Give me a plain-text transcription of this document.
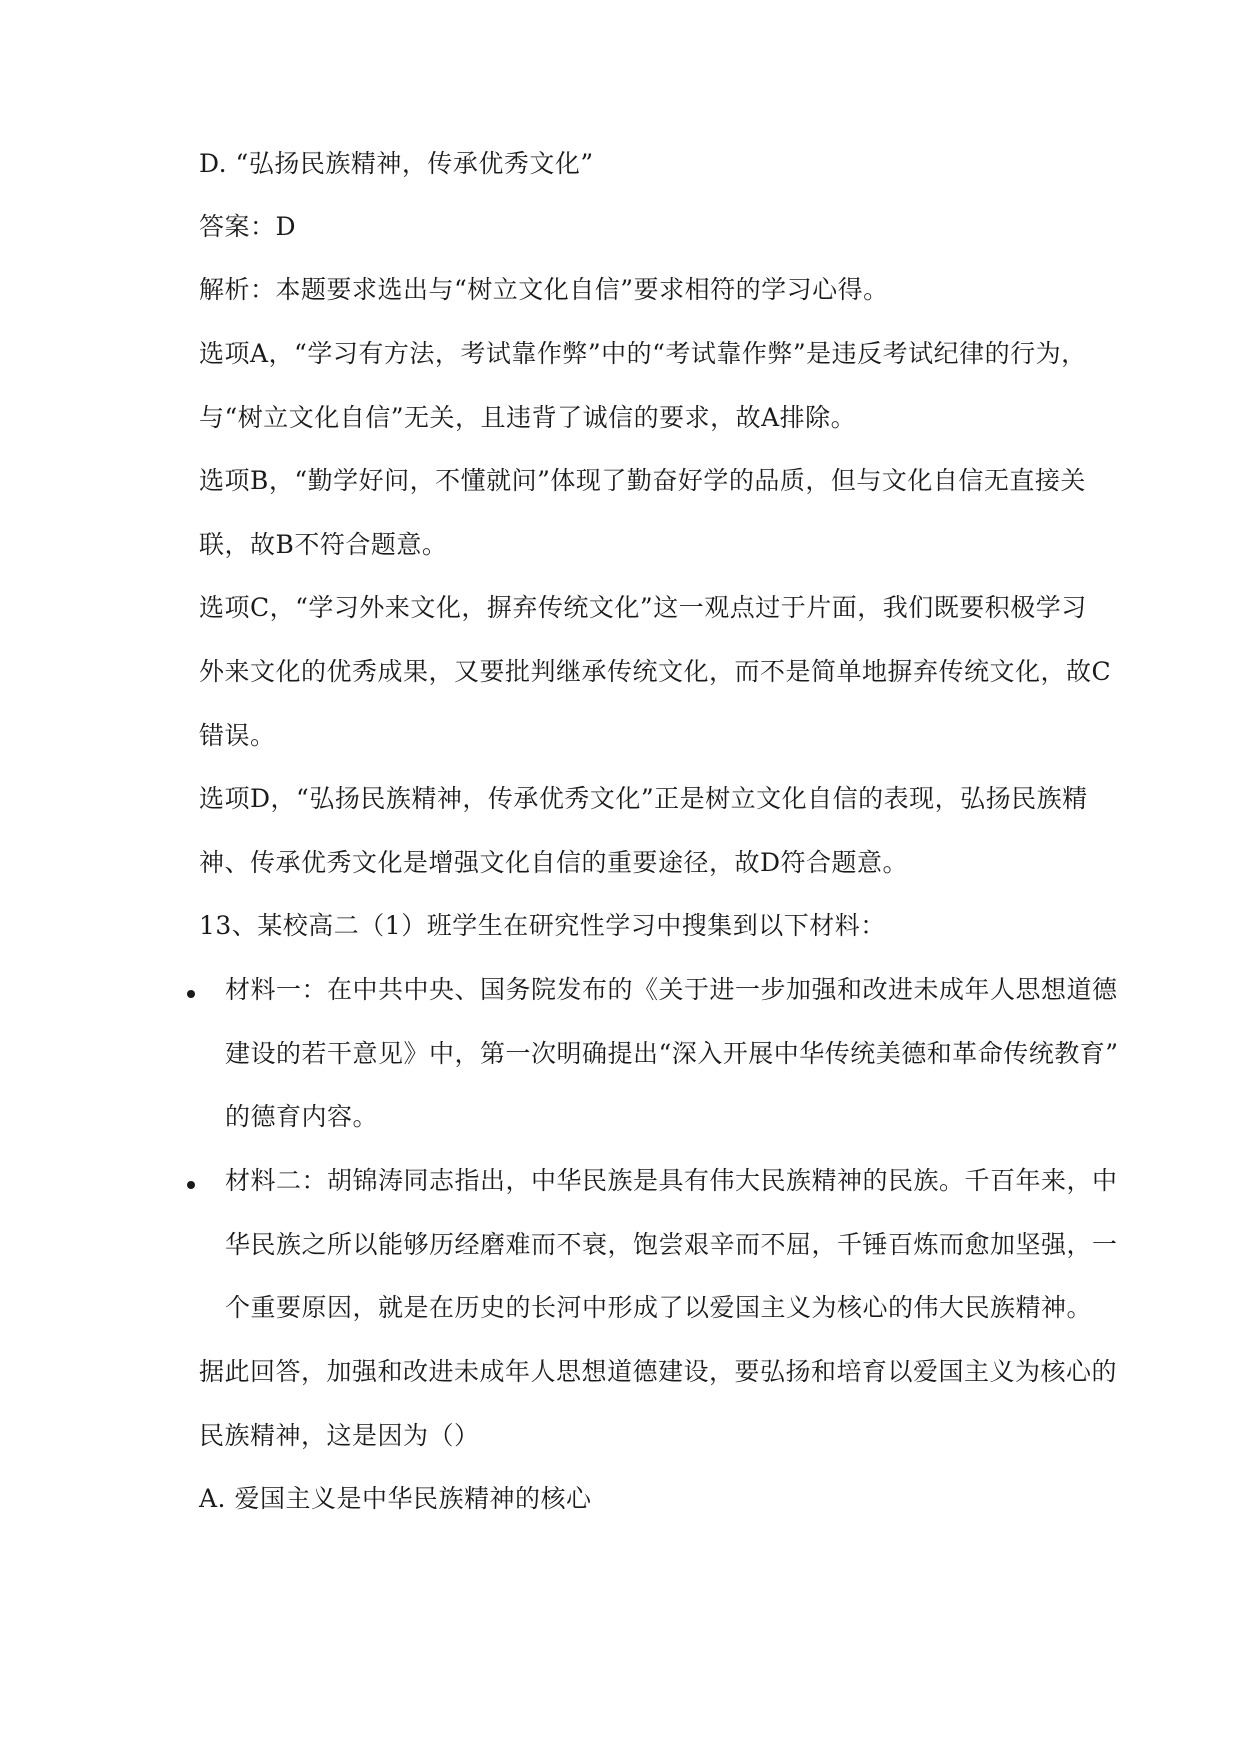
D. “弘扬民族精神，传承优秀文化”
答案：D
解析：本题要求选出与“树立文化自信”要求相符的学习心得。
选项A，“学习有方法，考试靠作弊”中的“考试靠作弊”是违反考试纪律的行为，
与“树立文化自信”无关，且违背了诚信的要求，故A排除。
选项B，“勤学好问，不懂就问”体现了勤奋好学的品质，但与文化自信无直接关
联，故B不符合题意。
选项C，“学习外来文化，摒弃传统文化”这一观点过于片面，我们既要积极学习
外来文化的优秀成果，又要批判继承传统文化，而不是简单地摒弃传统文化，故C
错误。
选项D，“弘扬民族精神，传承优秀文化”正是树立文化自信的表现，弘扬民族精
神、传承优秀文化是增强文化自信的重要途径，故D符合题意。
13、某校高二（1）班学生在研究性学习中搜集到以下材料：
材料一：在中共中央、国务院发布的《关于进一步加强和改进未成年人思想道德
建设的若干意见》中，第一次明确提出“深入开展中华传统美德和革命传统教育”
的德育内容。
材料二：胡锦涛同志指出，中华民族是具有伟大民族精神的民族。千百年来，中
华民族之所以能够历经磨难而不衰，饱尝艰辛而不屈，千锤百炼而愈加坚强，一
个重要原因，就是在历史的长河中形成了以爱国主义为核心的伟大民族精神。
据此回答，加强和改进未成年人思想道德建设，要弘扬和培育以爱国主义为核心的
民族精神，这是因为（）
A. 爱国主义是中华民族精神的核心
